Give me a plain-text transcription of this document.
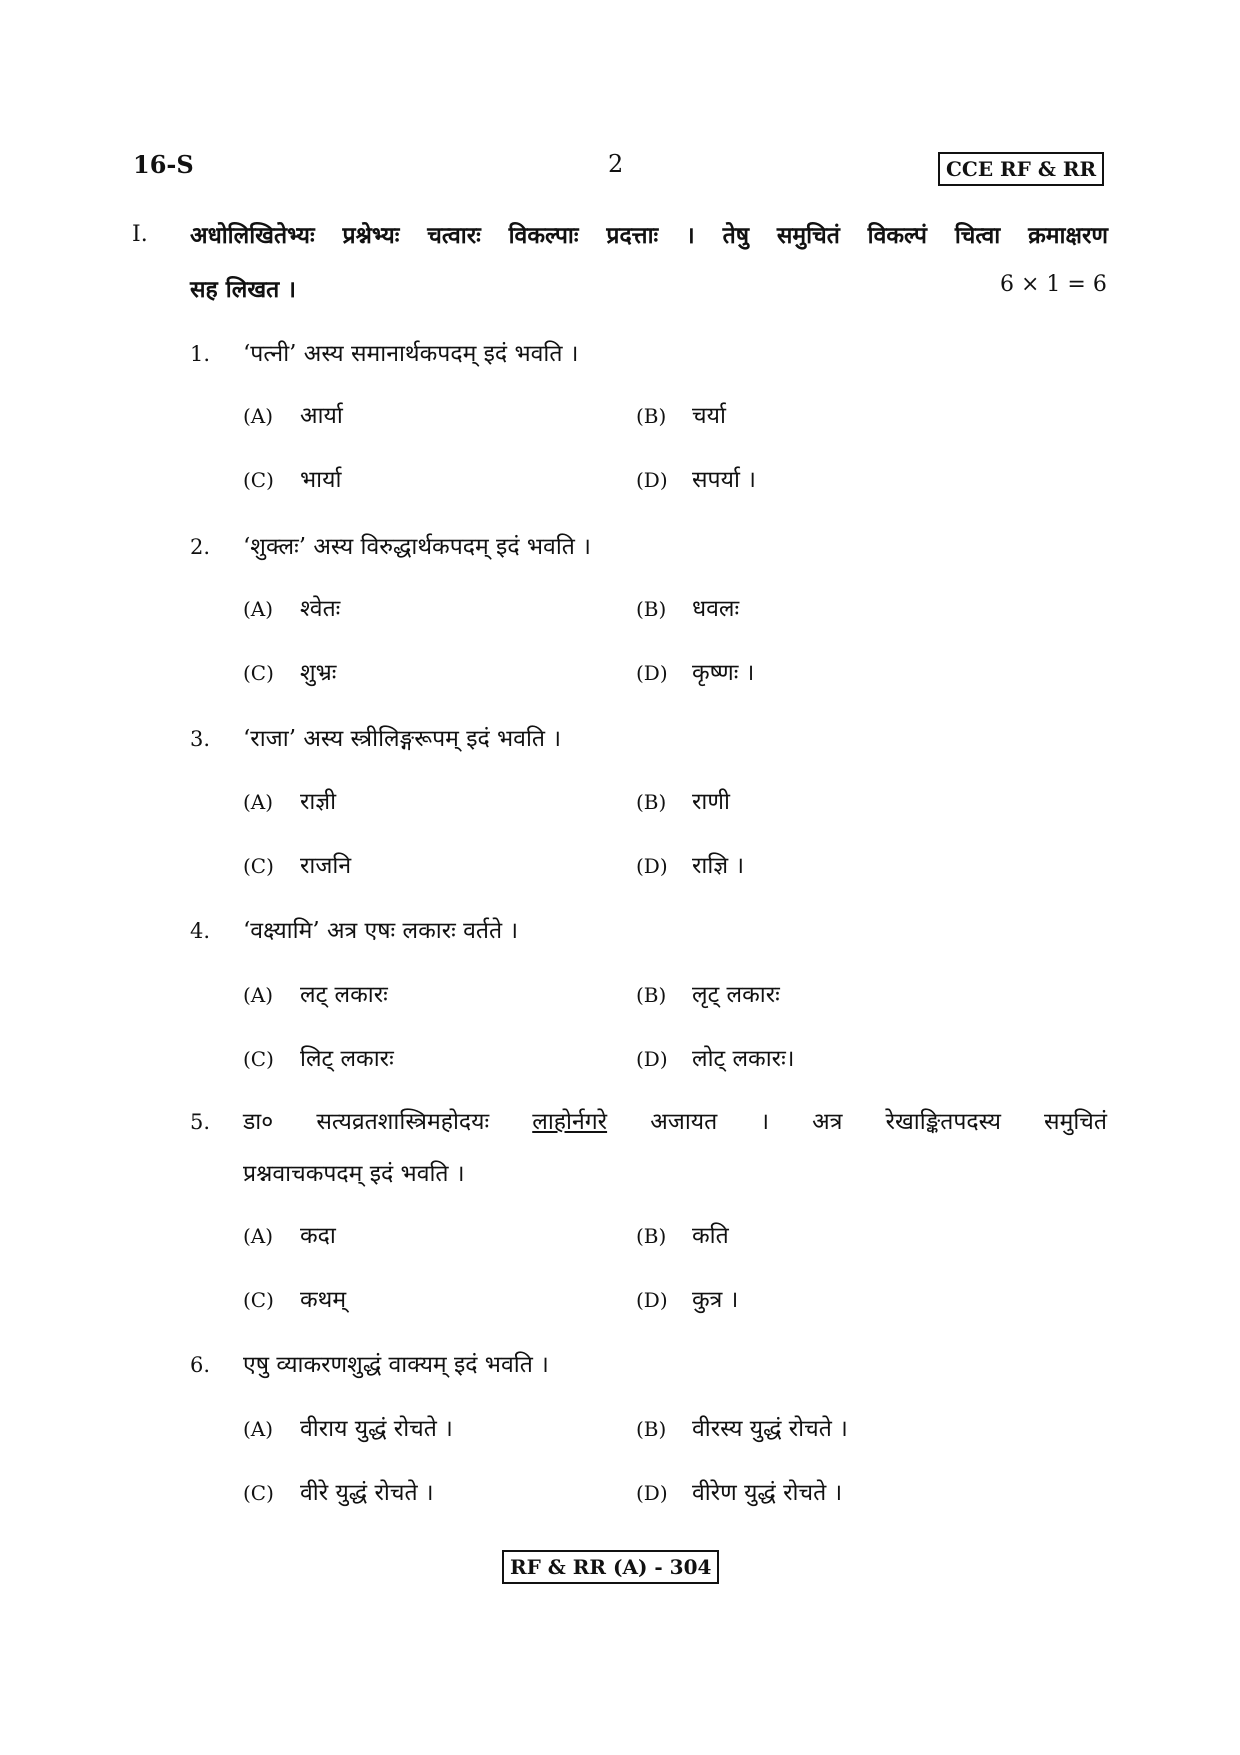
16-S	2	CCE RF & RR
I. अधोलिखितेभ्यः प्रश्नेभ्यः चत्वारः विकल्पाः प्रदत्ताः । तेषु समुचितं विकल्पं चित्वा क्रमाक्षरण
सह लिखत ।	6 × 1 = 6
1.	‘पत्नी’ अस्य समानार्थकपदम् इदं भवति ।
(A) आर्या	(B) चर्या
(C) भार्या	(D) सपर्या ।
2.	‘शुक्लः’ अस्य विरुद्धार्थकपदम् इदं भवति ।
(A) श्वेतः	(B) धवलः
(C) शुभ्रः	(D) कृष्णः ।
3.	‘राजा’ अस्य स्त्रीलिङ्गरूपम् इदं भवति ।
(A) राज्ञी	(B) राणी
(C) राजनि	(D) राज्ञि ।
4.	‘वक्ष्यामि’ अत्र एषः लकारः वर्तते ।
(A) लट् लकारः	(B) लृट् लकारः
(C) लिट् लकारः	(D) लोट् लकारः।
5.	डा० सत्यव्रतशास्त्रिमहोदयः लाहोर्नगरे अजायत । अत्र रेखाङ्कितपदस्य समुचितं
प्रश्नवाचकपदम् इदं भवति ।
(A) कदा	(B) कति
(C) कथम्	(D) कुत्र ।
6.	एषु व्याकरणशुद्धं वाक्यम् इदं भवति ।
(A) वीराय युद्धं रोचते ।	(B) वीरस्य युद्धं रोचते ।
(C) वीरे युद्धं रोचते ।	(D) वीरेण युद्धं रोचते ।
RF & RR (A) - 304
